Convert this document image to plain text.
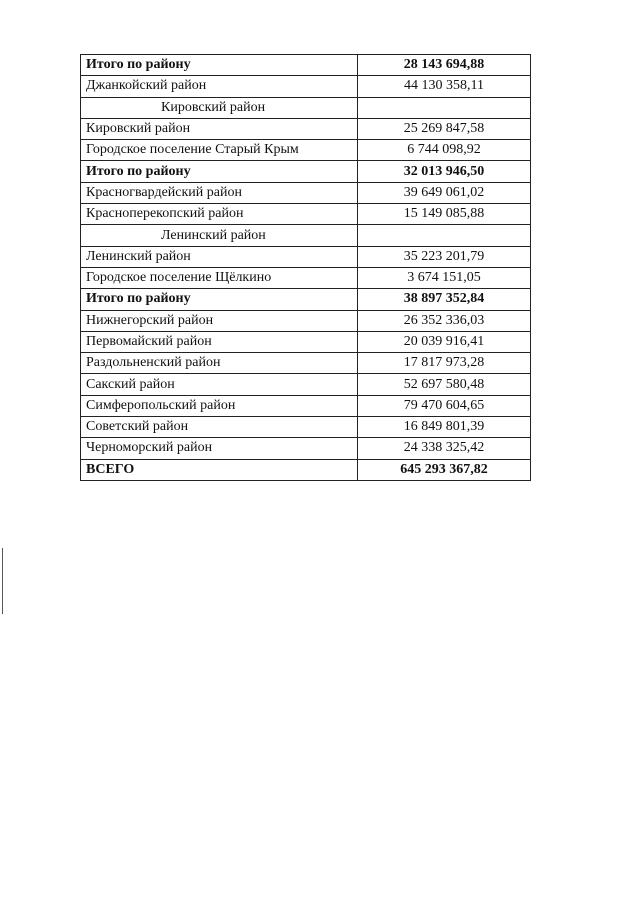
Итого по району	28 143 694,88
Джанкойский район	44 130 358,11
Кировский район	
Кировский район	25 269 847,58
Городское поселение Старый Крым	6 744 098,92
Итого по району	32 013 946,50
Красногвардейский район	39 649 061,02
Красноперекопский район	15 149 085,88
Ленинский район	
Ленинский район	35 223 201,79
Городское поселение Щёлкино	3 674 151,05
Итого по району	38 897 352,84
Нижнегорский район	26 352 336,03
Первомайский район	20 039 916,41
Раздольненский район	17 817 973,28
Сакский район	52 697 580,48
Симферопольский район	79 470 604,65
Советский район	16 849 801,39
Черноморский район	24 338 325,42
ВСЕГО	645 293 367,82
